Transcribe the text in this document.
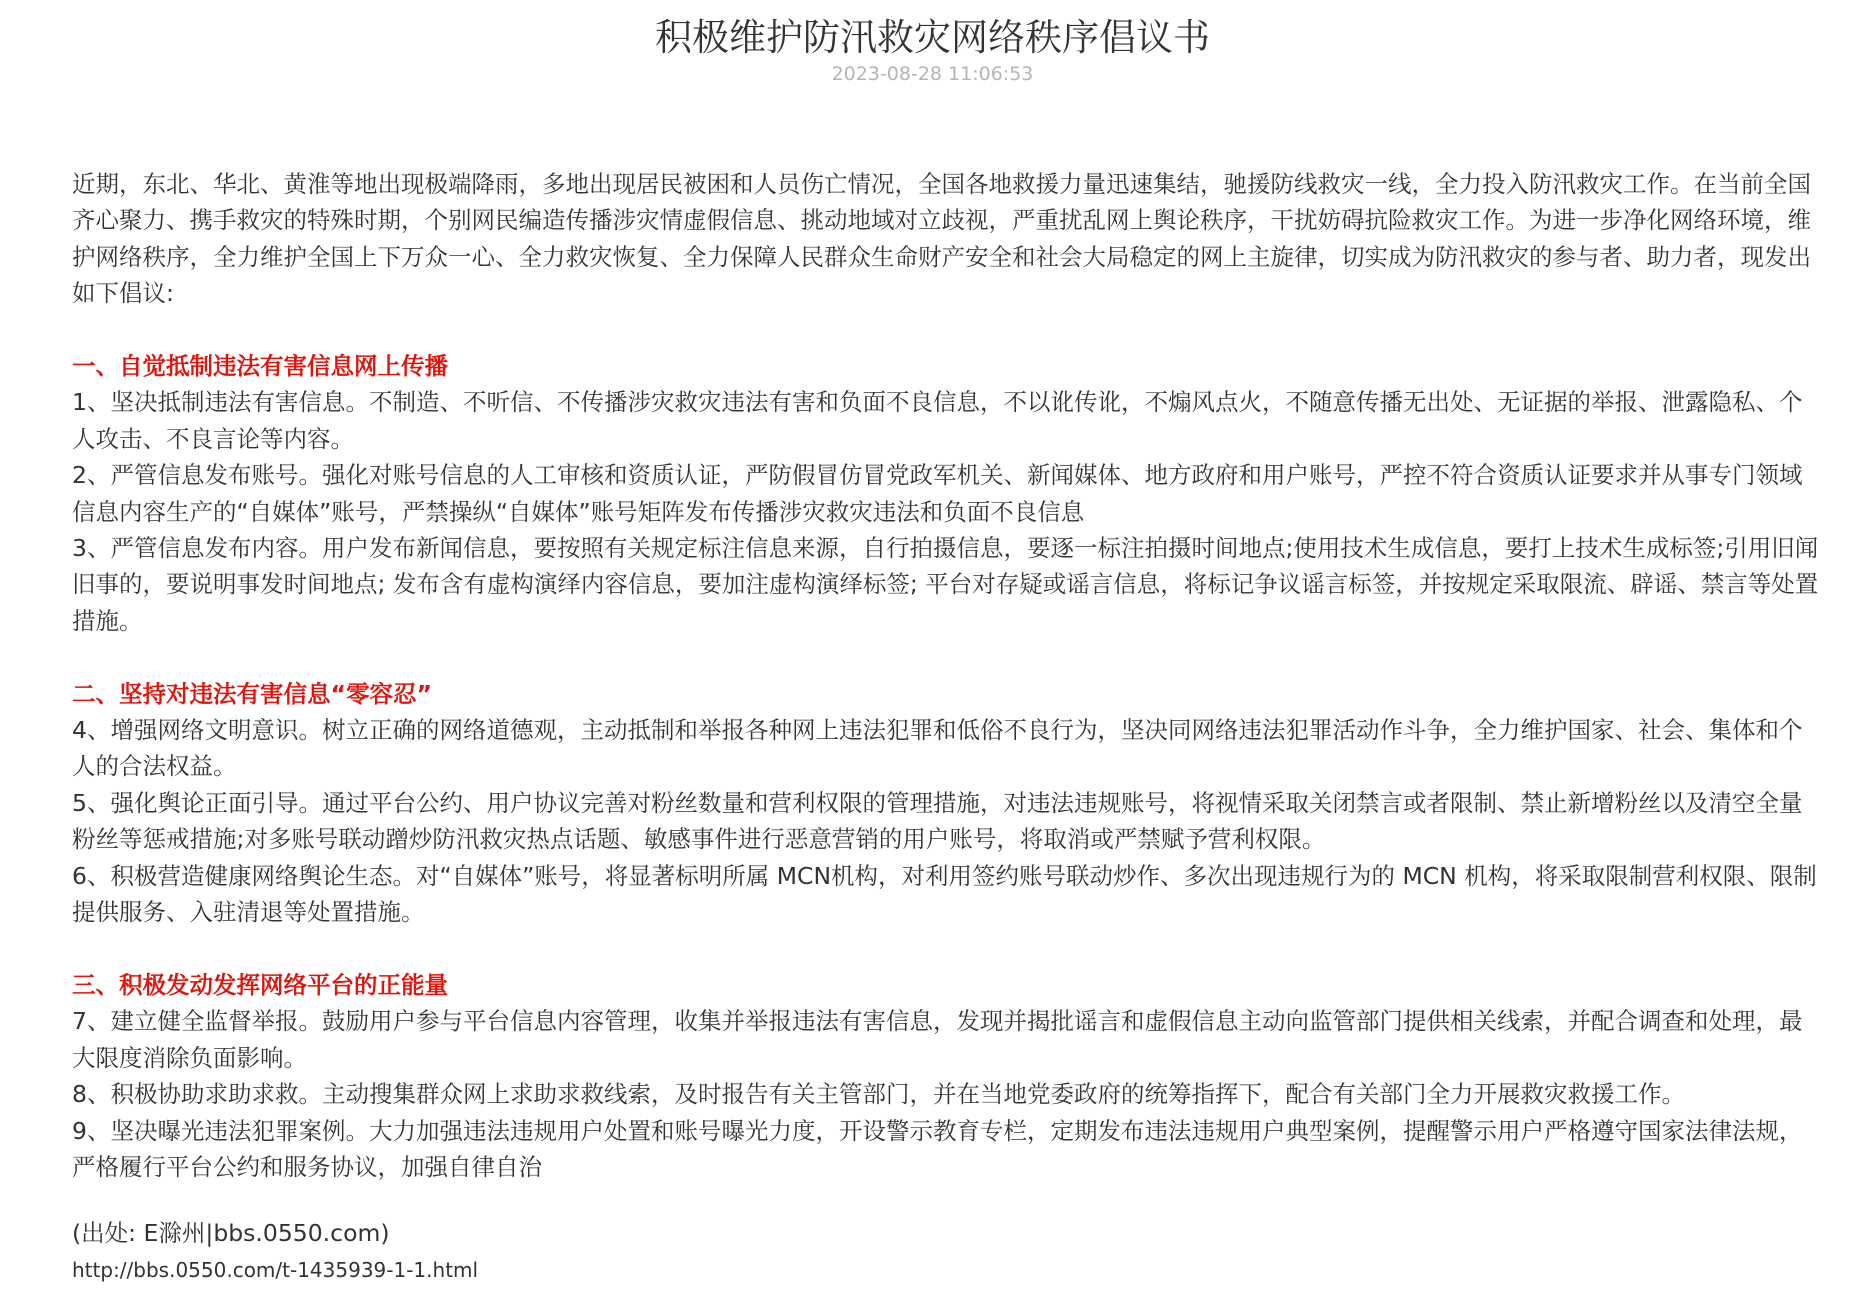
积极维护防汛救灾网络秩序倡议书
2023-08-28 11:06:53

近期，东北、华北、黄淮等地出现极端降雨，多地出现居民被困和人员伤亡情况，全国各地救援力量迅速集结，驰援防线救灾一线，全力投入防汛救灾工作。在当前全国齐心聚力、携手救灾的特殊时期，个别网民编造传播涉灾情虚假信息、挑动地域对立歧视，严重扰乱网上舆论秩序，干扰妨碍抗险救灾工作。为进一步净化网络环境，维护网络秩序，全力维护全国上下万众一心、全力救灾恢复、全力保障人民群众生命财产安全和社会大局稳定的网上主旋律，切实成为防汛救灾的参与者、助力者，现发出如下倡议:

一、自觉抵制违法有害信息网上传播

1、坚决抵制违法有害信息。不制造、不听信、不传播涉灾救灾违法有害和负面不良信息，不以讹传讹，不煽风点火，不随意传播无出处、无证据的举报、泄露隐私、个人攻击、不良言论等内容。

2、严管信息发布账号。强化对账号信息的人工审核和资质认证，严防假冒仿冒党政军机关、新闻媒体、地方政府和用户账号，严控不符合资质认证要求并从事专门领域信息内容生产的“自媒体”账号，严禁操纵“自媒体”账号矩阵发布传播涉灾救灾违法和负面不良信息

3、严管信息发布内容。用户发布新闻信息，要按照有关规定标注信息来源，自行拍摄信息，要逐一标注拍摄时间地点;使用技术生成信息，要打上技术生成标签;引用旧闻旧事的，要说明事发时间地点; 发布含有虚构演绎内容信息，要加注虚构演绎标签; 平台对存疑或谣言信息，将标记争议谣言标签，并按规定采取限流、辟谣、禁言等处置措施。

二、坚持对违法有害信息“零容忍”

4、增强网络文明意识。树立正确的网络道德观，主动抵制和举报各种网上违法犯罪和低俗不良行为，坚决同网络违法犯罪活动作斗争，全力维护国家、社会、集体和个人的合法权益。

5、强化舆论正面引导。通过平台公约、用户协议完善对粉丝数量和营利权限的管理措施，对违法违规账号，将视情采取关闭禁言或者限制、禁止新增粉丝以及清空全量粉丝等惩戒措施;对多账号联动蹭炒防汛救灾热点话题、敏感事件进行恶意营销的用户账号，将取消或严禁赋予营利权限。

6、积极营造健康网络舆论生态。对“自媒体”账号，将显著标明所属 MCN机构，对利用签约账号联动炒作、多次出现违规行为的 MCN 机构，将采取限制营利权限、限制提供服务、入驻清退等处置措施。

三、积极发动发挥网络平台的正能量

7、建立健全监督举报。鼓励用户参与平台信息内容管理，收集并举报违法有害信息，发现并揭批谣言和虚假信息主动向监管部门提供相关线索，并配合调查和处理，最大限度消除负面影响。

8、积极协助求助求救。主动搜集群众网上求助求救线索，及时报告有关主管部门，并在当地党委政府的统筹指挥下，配合有关部门全力开展救灾救援工作。

9、坚决曝光违法犯罪案例。大力加强违法违规用户处置和账号曝光力度，开设警示教育专栏，定期发布违法违规用户典型案例，提醒警示用户严格遵守国家法律法规，严格履行平台公约和服务协议，加强自律自治

(出处: E滁州|bbs.0550.com)
http://bbs.0550.com/t-1435939-1-1.html
